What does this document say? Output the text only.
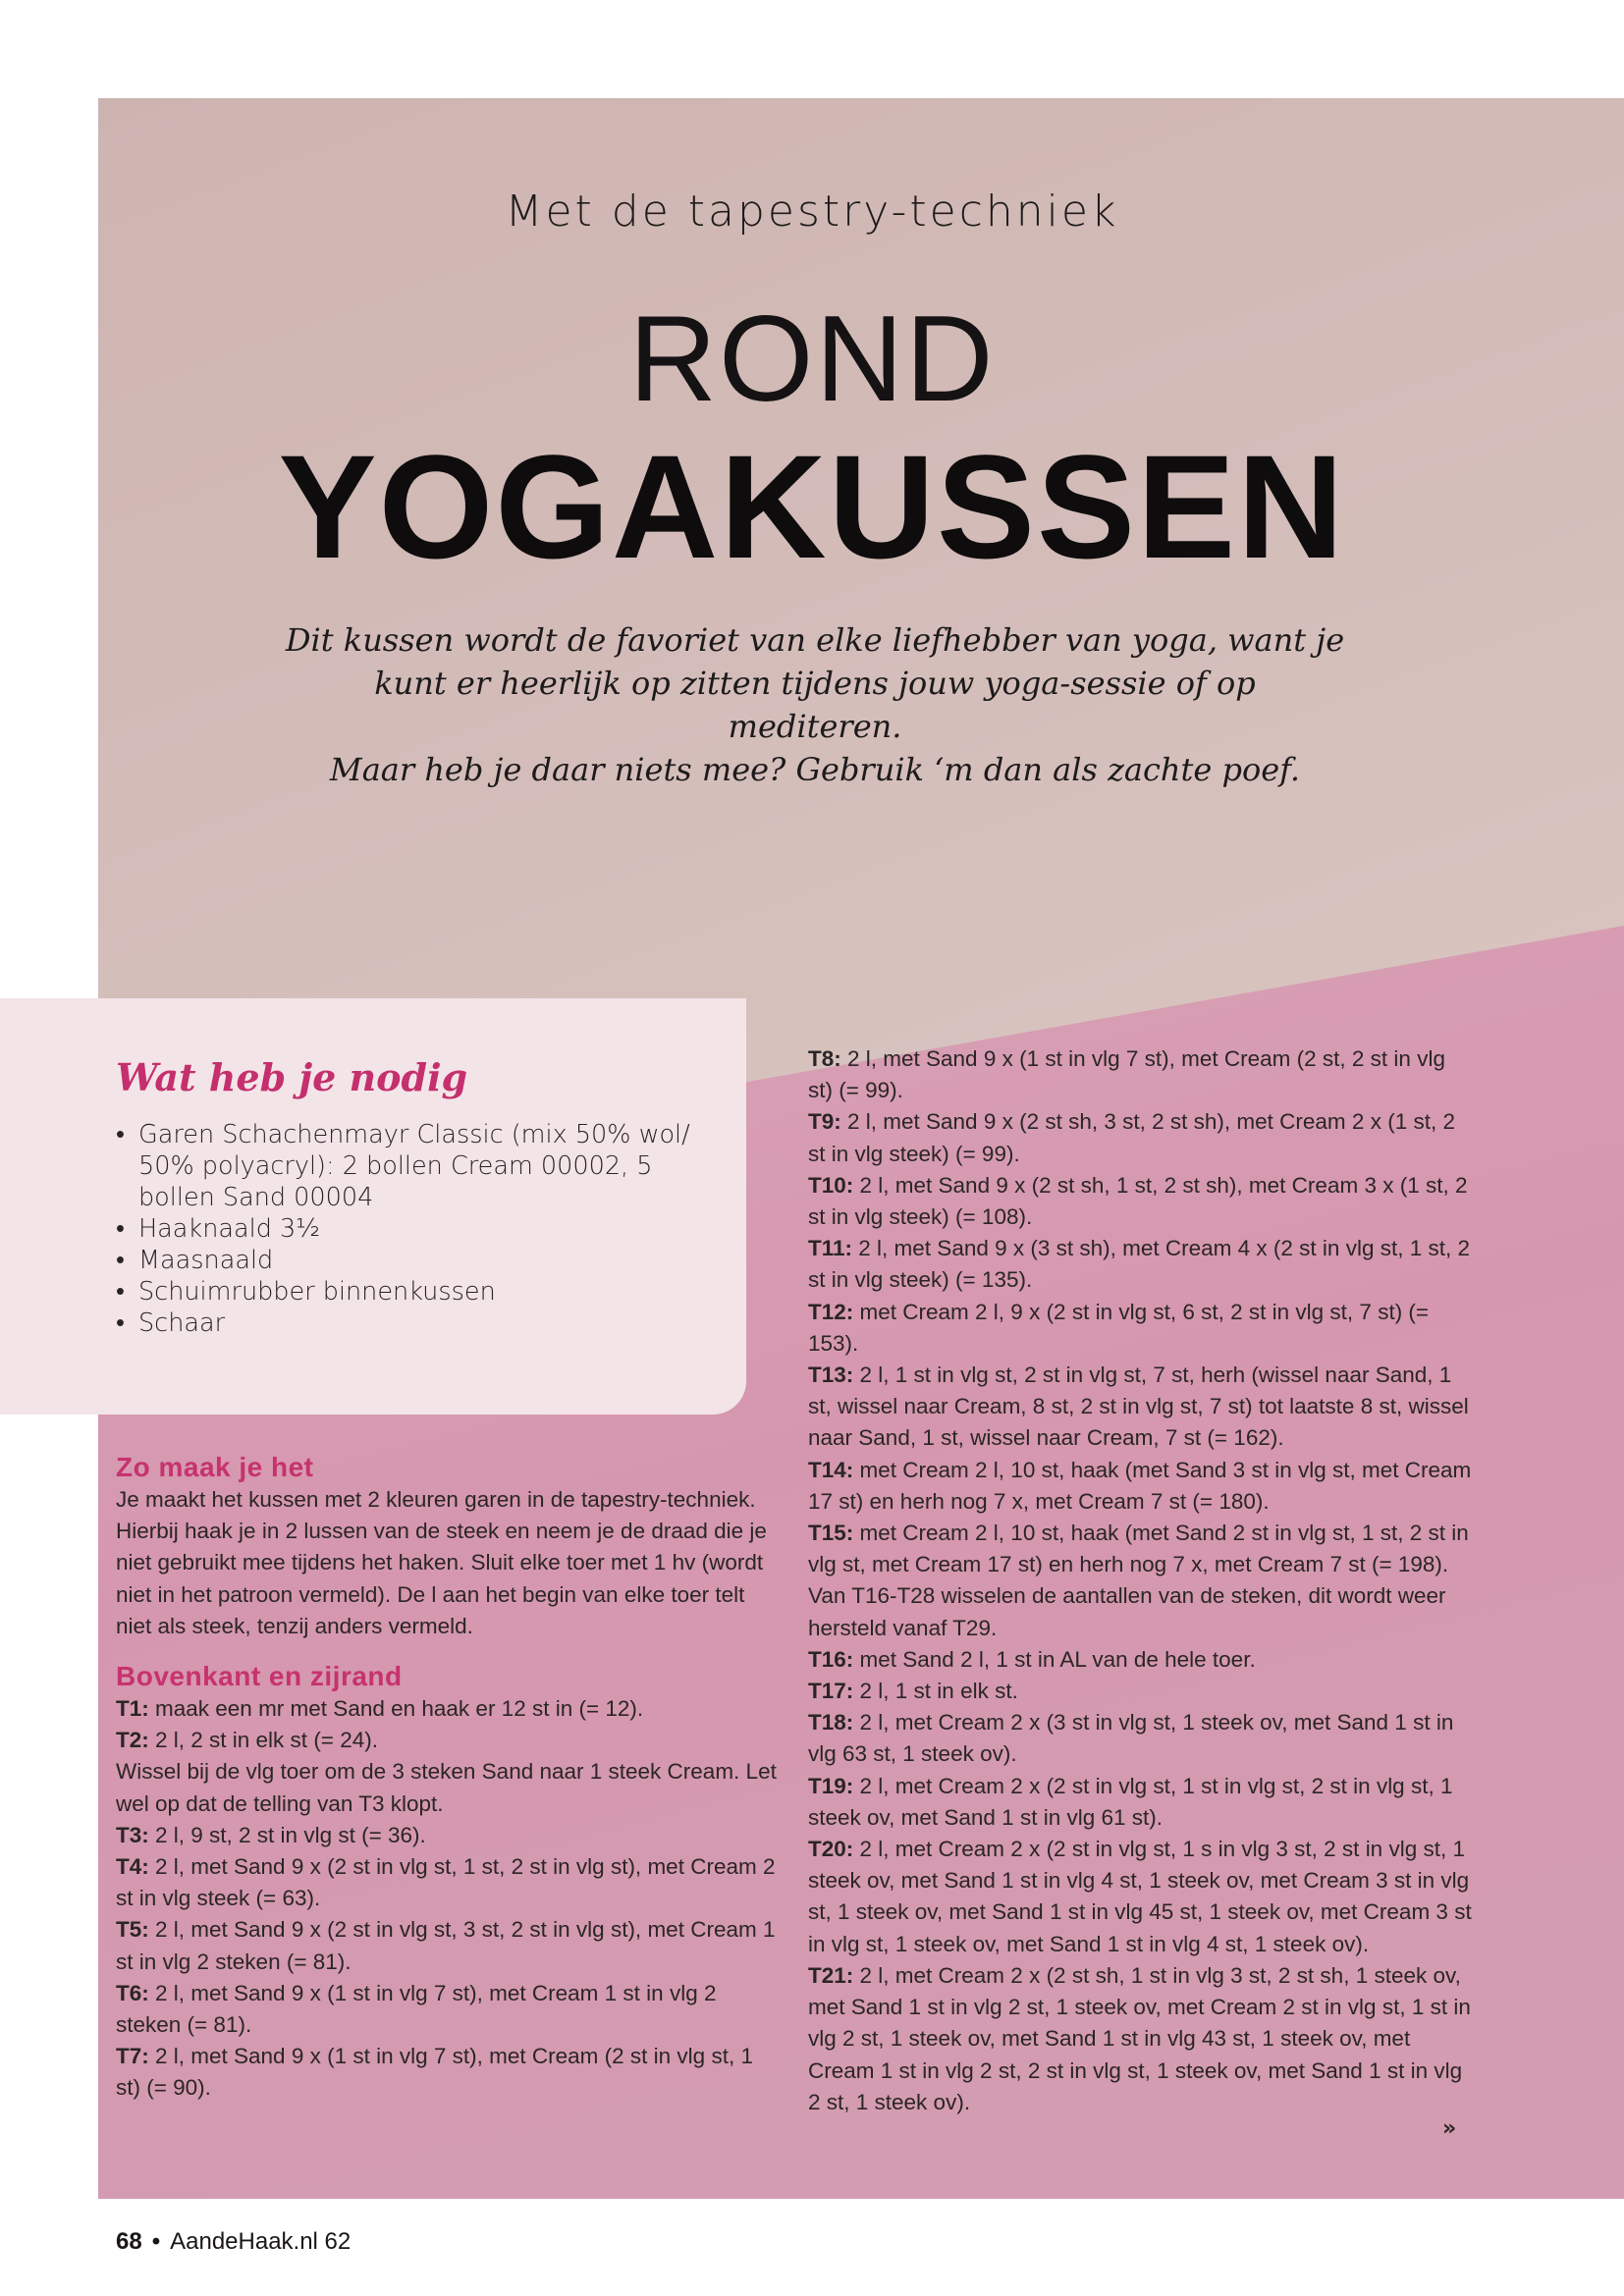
Met de tapestry-techniek
ROND
YOGAKUSSEN
Dit kussen wordt de favoriet van elke liefhebber van yoga, want je
kunt er heerlijk op zitten tijdens jouw yoga-sessie of op mediteren.
Maar heb je daar niets mee? Gebruik ‘m dan als zachte poef.
Wat heb je nodig
• Garen Schachenmayr Classic (mix 50% wol/ 50% polyacryl): 2 bollen Cream 00002, 5 bollen Sand 00004
• Haaknaald 3½
• Maasnaald
• Schuimrubber binnenkussen
• Schaar
Zo maak je het
Je maakt het kussen met 2 kleuren garen in de tapestry-techniek. Hierbij haak je in 2 lussen van de steek en neem je de draad die je niet gebruikt mee tijdens het haken. Sluit elke toer met 1 hv (wordt niet in het patroon vermeld). De l aan het begin van elke toer telt niet als steek, tenzij anders vermeld.
Bovenkant en zijrand

T1: maak een mr met Sand en haak er 12 st in (= 12).

T2: 2 l, 2 st in elk st (= 24).

Wissel bij de vlg toer om de 3 steken Sand naar 1 steek Cream. Let wel op dat de telling van T3 klopt.

T3: 2 l, 9 st, 2 st in vlg st (= 36).

T4: 2 l, met Sand 9 x (2 st in vlg st, 1 st, 2 st in vlg st), met Cream 2 st in vlg steek (= 63).

T5: 2 l, met Sand 9 x (2 st in vlg st, 3 st, 2 st in vlg st), met Cream 1 st in vlg 2 steken (= 81).

T6: 2 l, met Sand 9 x (1 st in vlg 7 st), met Cream 1 st in vlg 2 steken (= 81).

T7: 2 l, met Sand 9 x (1 st in vlg 7 st), met Cream (2 st in vlg st, 1 st) (= 90).

T8: 2 l, met Sand 9 x (1 st in vlg 7 st), met Cream (2 st, 2 st in vlg st) (= 99).

T9: 2 l, met Sand 9 x (2 st sh, 3 st, 2 st sh), met Cream 2 x (1 st, 2 st in vlg steek) (= 99).

T10: 2 l, met Sand 9 x (2 st sh, 1 st, 2 st sh), met Cream 3 x (1 st, 2 st in vlg steek) (= 108).

T11: 2 l, met Sand 9 x (3 st sh), met Cream 4 x (2 st in vlg st, 1 st, 2 st in vlg steek) (= 135).

T12: met Cream 2 l, 9 x (2 st in vlg st, 6 st, 2 st in vlg st, 7 st) (= 153).

T13: 2 l, 1 st in vlg st, 2 st in vlg st, 7 st, herh (wissel naar Sand, 1 st, wissel naar Cream, 8 st, 2 st in vlg st, 7 st) tot laatste 8 st, wissel naar Sand, 1 st, wissel naar Cream, 7 st (= 162).

T14: met Cream 2 l, 10 st, haak (met Sand 3 st in vlg st, met Cream 17 st) en herh nog 7 x, met Cream 7 st (= 180).

T15: met Cream 2 l, 10 st, haak (met Sand 2 st in vlg st, 1 st, 2 st in vlg st, met Cream 17 st) en herh nog 7 x, met Cream 7 st (= 198). Van T16-T28 wisselen de aantallen van de steken, dit wordt weer hersteld vanaf T29.

T16: met Sand 2 l, 1 st in AL van de hele toer.

T17: 2 l, 1 st in elk st.

T18: 2 l, met Cream 2 x (3 st in vlg st, 1 steek ov, met Sand 1 st in vlg 63 st, 1 steek ov).

T19: 2 l, met Cream 2 x (2 st in vlg st, 1 st in vlg st, 2 st in vlg st, 1 steek ov, met Sand 1 st in vlg 61 st).

T20: 2 l, met Cream 2 x (2 st in vlg st, 1 s in vlg 3 st, 2 st in vlg st, 1 steek ov, met Sand 1 st in vlg 4 st, 1 steek ov, met Cream 3 st in vlg st, 1 steek ov, met Sand 1 st in vlg 45 st, 1 steek ov, met Cream 3 st in vlg st, 1 steek ov, met Sand 1 st in vlg 4 st, 1 steek ov).

T21: 2 l, met Cream 2 x (2 st sh, 1 st in vlg 3 st, 2 st sh, 1 steek ov, met Sand 1 st in vlg 2 st, 1 steek ov, met Cream 2 st in vlg st, 1 st in vlg 2 st, 1 steek ov, met Sand 1 st in vlg 43 st, 1 steek ov, met Cream 1 st in vlg 2 st, 2 st in vlg st, 1 steek ov, met Sand 1 st in vlg 2 st, 1 steek ov).

»
68 • AandeHaak.nl 62
